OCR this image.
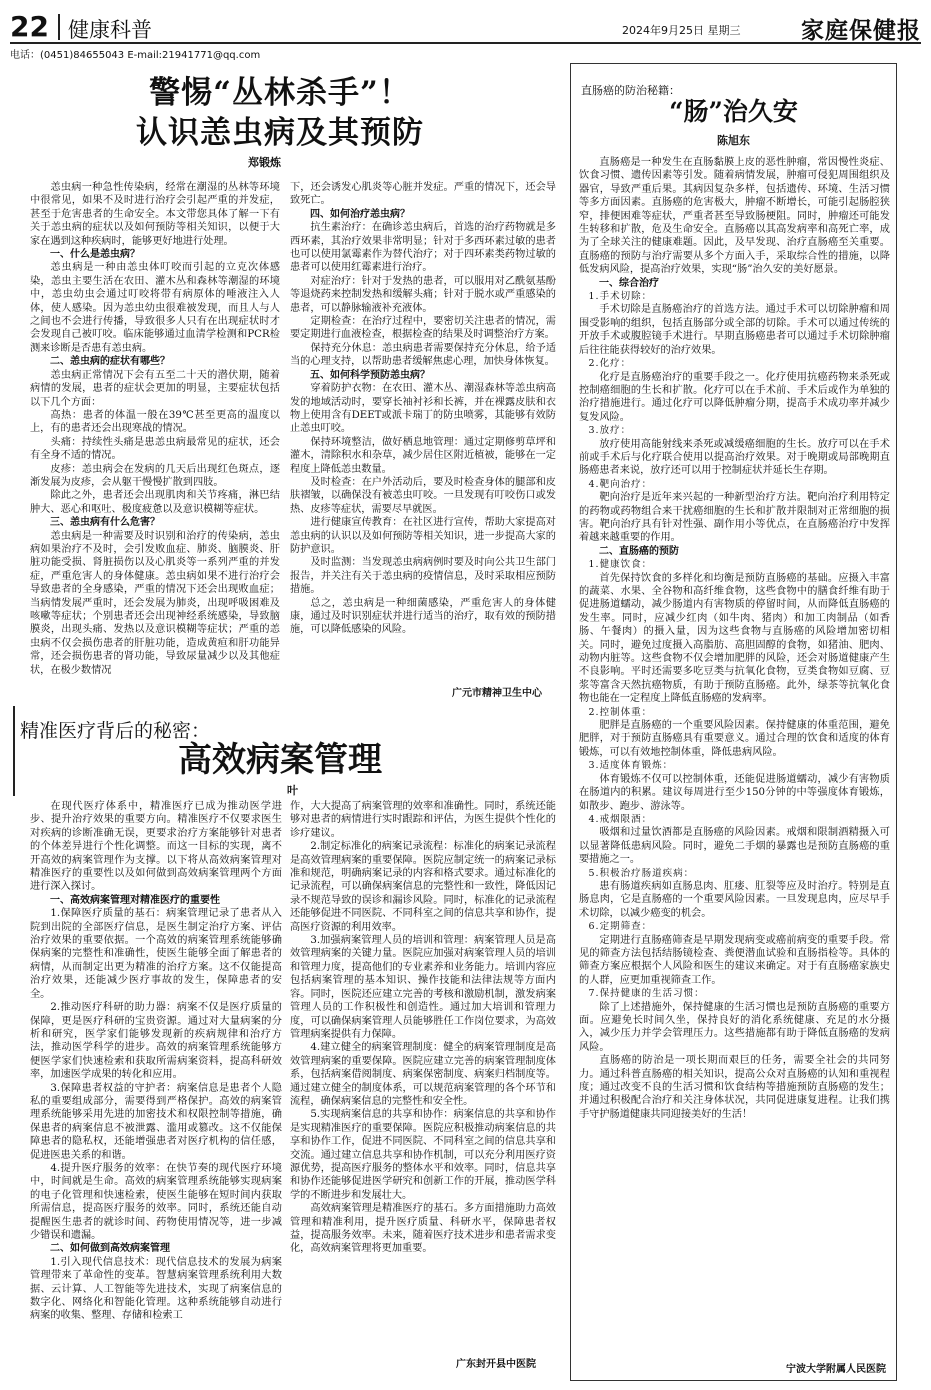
22 健康科普	2024年9月25日 星期三	家庭保健报
电话：(0451)84655043 E-mail:21941771@qq.com
警惕“丛林杀手”！
认识恙虫病及其预防
郑锻炼

恙虫病一种急性传染病，经常在潮湿的丛林等环境中很常见，如果不及时进行治疗会引起严重的并发症，甚至于危害患者的生命安全。本文带您具体了解一下有关于恙虫病的症状以及如何预防等相关知识，以便于大家在遇到这种疾病时，能够更好地进行处理。

一、什么是恙虫病？

恙虫病是一种由恙虫体叮咬而引起的立克次体感染，恙虫主要生活在农田、灌木丛和森林等潮湿的环境中，恙虫幼虫会通过叮咬将带有病原体的唾液注入人体，使人感染。因为恙虫幼虫很难被发现，而且人与人之间也不会进行传播，导致很多人只有在出现症状时才会发现自己被叮咬。临床能够通过血清学检测和PCR检测来诊断是否患有恙虫病。

二、恙虫病的症状有哪些？

恙虫病正常情况下会有五至二十天的潜伏期，随着病情的发展，患者的症状会更加的明显，主要症状包括以下几个方面：

高热：患者的体温一般在39℃甚至更高的温度以上，有的患者还会出现寒战的情况。

头痛：持续性头痛是患恙虫病最常见的症状，还会有全身不适的情况。

皮疹：恙虫病会在发病的几天后出现红色斑点，逐渐发展为皮疹，会从躯干慢慢扩散到四肢。

除此之外，患者还会出现肌肉和关节疼痛，淋巴结肿大、恶心和呕吐、极度疲惫以及意识模糊等症状。

三、恙虫病有什么危害？

恙虫病是一种需要及时识别和治疗的传染病，恙虫病如果治疗不及时，会引发败血症、肺炎、脑膜炎、肝脏功能受损、肾脏损伤以及心肌炎等一系列严重的并发症，严重危害人的身体健康。恙虫病如果不进行治疗会导致患者的全身感染，严重的情况下还会出现败血症；当病情发展严重时，还会发展为肺炎，出现呼吸困难及咳嗽等症状；个别患者还会出现神经系统感染，导致脑膜炎，出现头痛、发热以及意识模糊等症状；严重的恙虫病不仅会损伤患者的肝脏功能，造成黄疸和肝功能异常，还会损伤患者的肾功能，导致尿量减少以及其他症状，在极少数情况

下，还会诱发心肌炎等心脏并发症。严重的情况下，还会导致死亡。

四、如何治疗恙虫病？

抗生素治疗：在确诊恙虫病后，首选的治疗药物就是多西环素，其治疗效果非常明显；针对于多西环素过敏的患者也可以使用氯霉素作为替代治疗；对于四环素类药物过敏的患者可以使用红霉素进行治疗。

对症治疗：针对于发热的患者，可以服用对乙酰氨基酚等退烧药来控制发热和缓解头痛；针对于脱水或严重感染的患者，可以静脉输液补充液体。

定期检查：在治疗过程中，要密切关注患者的情况，需要定期进行血液检查，根据检查的结果及时调整治疗方案。

保持充分休息：恙虫病患者需要保持充分休息，给予适当的心理支持，以帮助患者缓解焦虑心理，加快身体恢复。

五、如何科学预防恙虫病？

穿着防护衣物：在农田、灌木丛、潮湿森林等恙虫病高发的地域活动时，要穿长袖衬衫和长裤，并在裸露皮肤和衣物上使用含有DEET或派卡瑞丁的防虫喷雾，其能够有效防止恙虫叮咬。

保持环境整洁，做好栖息地管理：通过定期修剪草坪和灌木，清除积水和杂草，减少居住区附近植被，能够在一定程度上降低恙虫数量。

及时检查：在户外活动后，要及时检查身体的腿部和皮肤褶皱，以确保没有被恙虫叮咬。一旦发现有叮咬伤口或发热、皮疹等症状，需要尽早就医。

进行健康宣传教育：在社区进行宣传，帮助大家提高对恙虫病的认识以及如何预防等相关知识，进一步提高大家的防护意识。

及时监测：当发现恙虫病病例时要及时向公共卫生部门报告，并关注有关于恙虫病的疫情信息，及时采取相应预防措施。

总之，恙虫病是一种细菌感染，严重危害人的身体健康，通过及时识别症状并进行适当的治疗，取有效的预防措施，可以降低感染的风险。

广元市精神卫生中心
精准医疗背后的秘密：
高效病案管理
叶

在现代医疗体系中，精准医疗已成为推动医学进步、提升治疗效果的重要方向。精准医疗不仅要求医生对疾病的诊断准确无误，更要求治疗方案能够针对患者的个体差异进行个性化调整。而这一目标的实现，离不开高效的病案管理作为支撑。以下将从高效病案管理对精准医疗的重要性以及如何做到高效病案管理两个方面进行深入探讨。

一、高效病案管理对精准医疗的重要性

1.保障医疗质量的基石：病案管理记录了患者从入院到出院的全部医疗信息，是医生制定治疗方案、评估治疗效果的重要依据。一个高效的病案管理系统能够确保病案的完整性和准确性，使医生能够全面了解患者的病情，从而制定出更为精准的治疗方案。这不仅能提高治疗效果，还能减少医疗事故的发生，保障患者的安全。

2.推动医疗科研的助力器：病案不仅是医疗质量的保障，更是医疗科研的宝贵资源。通过对大量病案的分析和研究，医学家们能够发现新的疾病规律和治疗方法，推动医学科学的进步。高效的病案管理系统能够方便医学家们快速检索和获取所需病案资料，提高科研效率，加速医学成果的转化和应用。

3.保障患者权益的守护者：病案信息是患者个人隐私的重要组成部分，需要得到严格保护。高效的病案管理系统能够采用先进的加密技术和权限控制等措施，确保患者的病案信息不被泄露、滥用或篡改。这不仅能保障患者的隐私权，还能增强患者对医疗机构的信任感，促进医患关系的和谐。

4.提升医疗服务的效率：在快节奏的现代医疗环境中，时间就是生命。高效的病案管理系统能够实现病案的电子化管理和快速检索，使医生能够在短时间内获取所需信息，提高医疗服务的效率。同时，系统还能自动提醒医生患者的就诊时间、药物使用情况等，进一步减少错误和遗漏。

二、如何做到高效病案管理

1.引入现代信息技术：现代信息技术的发展为病案管理带来了革命性的变革。智慧病案管理系统利用大数据、云计算、人工智能等先进技术，实现了病案信息的数字化、网络化和智能化管理。这种系统能够自动进行病案的收集、整理、存储和检索工

作，大大提高了病案管理的效率和准确性。同时，系统还能够对患者的病情进行实时跟踪和评估，为医生提供个性化的诊疗建议。

2.制定标准化的病案记录流程：标准化的病案记录流程是高效管理病案的重要保障。医院应制定统一的病案记录标准和规范，明确病案记录的内容和格式要求。通过标准化的记录流程，可以确保病案信息的完整性和一致性，降低因记录不规范导致的误诊和漏诊风险。同时，标准化的记录流程还能够促进不同医院、不同科室之间的信息共享和协作，提高医疗资源的利用效率。

3.加强病案管理人员的培训和管理：病案管理人员是高效管理病案的关键力量。医院应加强对病案管理人员的培训和管理力度，提高他们的专业素养和业务能力。培训内容应包括病案管理的基本知识、操作技能和法律法规等方面内容。同时，医院还应建立完善的考核和激励机制，激发病案管理人员的工作积极性和创造性。通过加大培训和管理力度，可以确保病案管理人员能够胜任工作岗位要求，为高效管理病案提供有力保障。

4.建立健全的病案管理制度：健全的病案管理制度是高效管理病案的重要保障。医院应建立完善的病案管理制度体系，包括病案借阅制度、病案保密制度、病案归档制度等。通过建立健全的制度体系，可以规范病案管理的各个环节和流程，确保病案信息的完整性和安全性。

5.实现病案信息的共享和协作：病案信息的共享和协作是实现精准医疗的重要保障。医院应积极推动病案信息的共享和协作工作，促进不同医院、不同科室之间的信息共享和交流。通过建立信息共享和协作机制，可以充分利用医疗资源优势，提高医疗服务的整体水平和效率。同时，信息共享和协作还能够促进医学研究和创新工作的开展，推动医学科学的不断进步和发展壮大。

高效病案管理是精准医疗的基石。多方面措施助力高效管理和精准利用，提升医疗质量、科研水平，保障患者权益，提高服务效率。未来，随着医疗技术进步和患者需求变化，高效病案管理将更加重要。

广东封开县中医院
直肠癌的防治秘籍：
“肠”治久安
陈旭东

直肠癌是一种发生在直肠黏膜上皮的恶性肿瘤，常因慢性炎症、饮食习惯、遗传因素等引发。随着病情发展，肿瘤可侵犯周围组织及器官，导致严重后果。其病因复杂多样，包括遗传、环境、生活习惯等多方面因素。直肠癌的危害极大，肿瘤不断增长，可能引起肠腔狭窄，排便困难等症状，严重者甚至导致肠梗阻。同时，肿瘤还可能发生转移和扩散，危及生命安全。直肠癌以其高发病率和高死亡率，成为了全球关注的健康难题。因此，及早发现、治疗直肠癌至关重要。直肠癌的预防与治疗需要从多个方面入手，采取综合性的措施，以降低发病风险，提高治疗效果，实现“肠”治久安的美好愿景。

一、综合治疗
1.手术切除：

手术切除是直肠癌治疗的首选方法。通过手术可以切除肿瘤和周围受影响的组织，包括直肠部分或全部的切除。手术可以通过传统的开放手术或腹腔镜手术进行。早期直肠癌患者可以通过手术切除肿瘤后往往能获得较好的治疗效果。

2.化疗：

化疗是直肠癌治疗的重要手段之一。化疗使用抗癌药物来杀死或控制癌细胞的生长和扩散。化疗可以在手术前、手术后或作为单独的治疗措施进行。通过化疗可以降低肿瘤分期，提高手术成功率并减少复发风险。

3.放疗：

放疗使用高能射线来杀死或减缓癌细胞的生长。放疗可以在手术前或手术后与化疗联合使用以提高治疗效果。对于晚期或局部晚期直肠癌患者来说，放疗还可以用于控制症状并延长生存期。

4.靶向治疗：

靶向治疗是近年来兴起的一种新型治疗方法。靶向治疗利用特定的药物或药物组合来干扰癌细胞的生长和扩散并限制对正常细胞的损害。靶向治疗具有针对性强、副作用小等优点，在直肠癌治疗中发挥着越来越重要的作用。

二、直肠癌的预防
1.健康饮食：

首先保持饮食的多样化和均衡是预防直肠癌的基础。应摄入丰富的蔬菜、水果、全谷物和高纤维食物，这些食物中的膳食纤维有助于促进肠道蠕动，减少肠道内有害物质的停留时间，从而降低直肠癌的发生率。同时，应减少红肉（如牛肉、猪肉）和加工肉制品（如香肠、午餐肉）的摄入量，因为这些食物与直肠癌的风险增加密切相关。同时，避免过度摄入高脂肪、高胆固醇的食物，如猪油、肥肉、动物内脏等。这些食物不仅会增加肥胖的风险，还会对肠道健康产生不良影响。平时还需要多吃豆类与抗氧化食物，豆类食物如豆腐、豆浆等富含天然抗癌物质，有助于预防直肠癌。此外，绿茶等抗氧化食物也能在一定程度上降低直肠癌的发病率。

2.控制体重：

肥胖是直肠癌的一个重要风险因素。保持健康的体重范围，避免肥胖，对于预防直肠癌具有重要意义。通过合理的饮食和适度的体育锻炼，可以有效地控制体重，降低患病风险。

3.适度体育锻炼：

体育锻炼不仅可以控制体重，还能促进肠道蠕动，减少有害物质在肠道内的积累。建议每周进行至少150分钟的中等强度体育锻炼，如散步、跑步、游泳等。

4.戒烟限酒：

吸烟和过量饮酒都是直肠癌的风险因素。戒烟和限制酒精摄入可以显著降低患病风险。同时，避免二手烟的暴露也是预防直肠癌的重要措施之一。

5.积极治疗肠道疾病：

患有肠道疾病如直肠息肉、肛瘘、肛裂等应及时治疗。特别是直肠息肉，它是直肠癌的一个重要风险因素。一旦发现息肉，应尽早手术切除，以减少癌变的机会。

6.定期筛查：

定期进行直肠癌筛查是早期发现病变或癌前病变的重要手段。常见的筛查方法包括结肠镜检查、粪便潜血试验和直肠指检等。具体的筛查方案应根据个人风险和医生的建议来确定。对于有直肠癌家族史的人群，应更加重视筛查工作。

7.保持健康的生活习惯：

除了上述措施外，保持健康的生活习惯也是预防直肠癌的重要方面。应避免长时间久坐，保持良好的消化系统健康、充足的水分摄入，减少压力并学会管理压力。这些措施都有助于降低直肠癌的发病风险。

直肠癌的防治是一项长期而艰巨的任务，需要全社会的共同努力。通过科普直肠癌的相关知识，提高公众对直肠癌的认知和重视程度；通过改变不良的生活习惯和饮食结构等措施预防直肠癌的发生；并通过积极配合治疗和关注身体状况，共同促进康复进程。让我们携手守护肠道健康共同迎接美好的生活！

宁波大学附属人民医院
